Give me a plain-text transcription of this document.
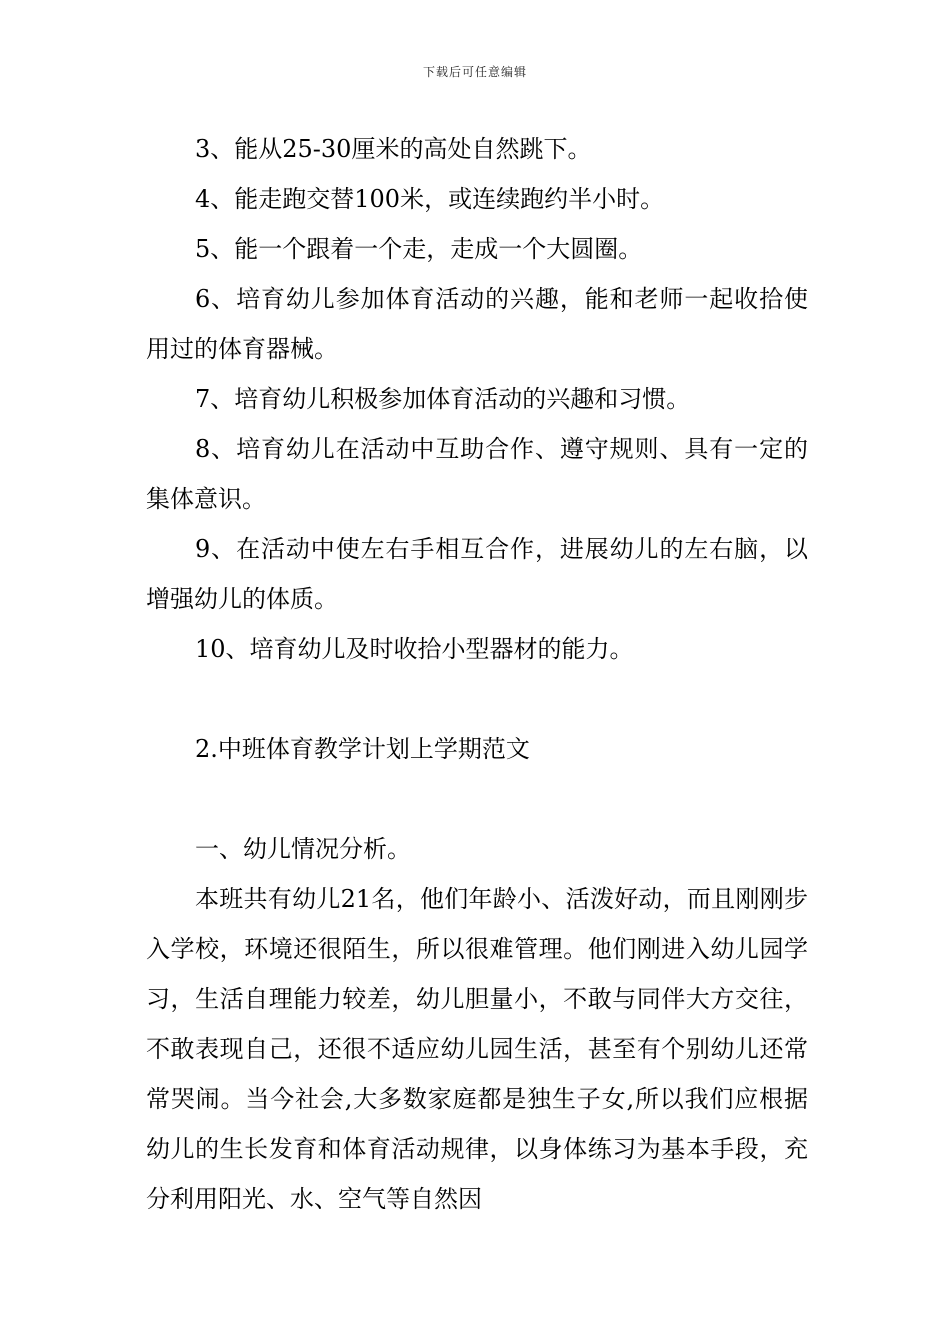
下载后可任意编辑

3、能从25-30厘米的高处自然跳下。

4、能走跑交替100米，或连续跑约半小时。

5、能一个跟着一个走，走成一个大圆圈。

6、培育幼儿参加体育活动的兴趣，能和老师一起收拾使用过的体育器械。

7、培育幼儿积极参加体育活动的兴趣和习惯。

8、培育幼儿在活动中互助合作、遵守规则、具有一定的集体意识。

9、在活动中使左右手相互合作，进展幼儿的左右脑，以增强幼儿的体质。

10、培育幼儿及时收拾小型器材的能力。

2.中班体育教学计划上学期范文

一、幼儿情况分析。

本班共有幼儿21名，他们年龄小、活泼好动，而且刚刚步入学校，环境还很陌生，所以很难管理。他们刚进入幼儿园学习，生活自理能力较差，幼儿胆量小，不敢与同伴大方交往，不敢表现自己，还很不适应幼儿园生活，甚至有个别幼儿还常常哭闹。当今社会,大多数家庭都是独生子女,所以我们应根据幼儿的生长发育和体育活动规律，以身体练习为基本手段，充分利用阳光、水、空气等自然因
